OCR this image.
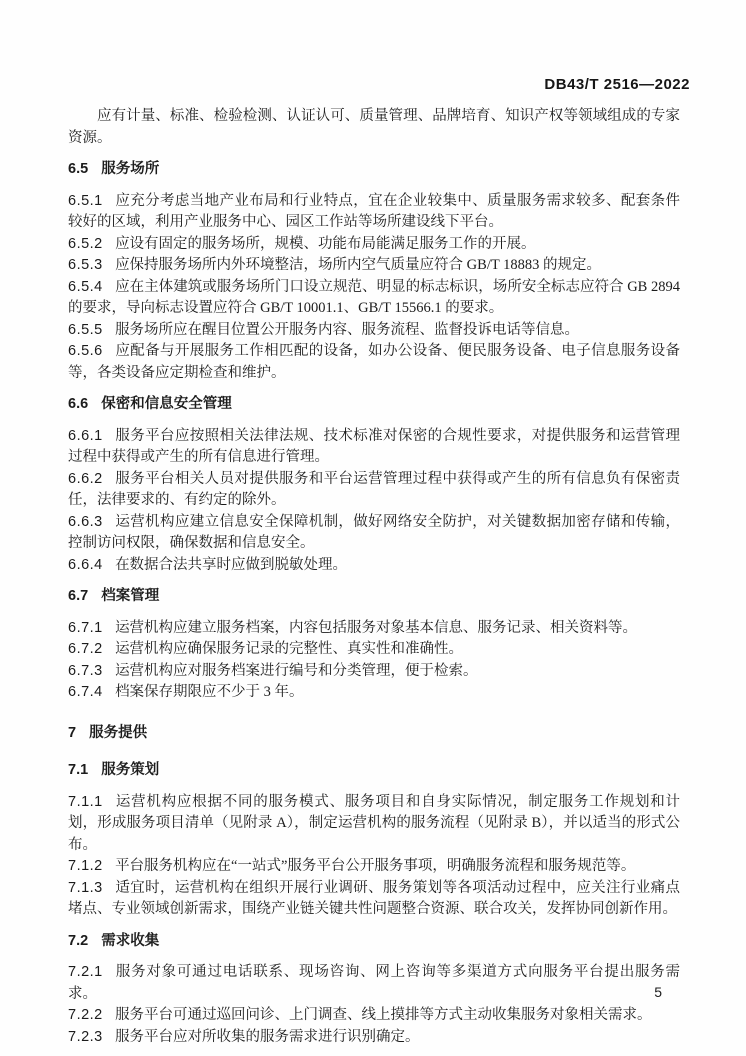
DB43/T 2516—2022

应有计量、标准、检验检测、认证认可、质量管理、品牌培育、知识产权等领域组成的专家资源。

6.5 服务场所

6.5.1 应充分考虑当地产业布局和行业特点，宜在企业较集中、质量服务需求较多、配套条件较好的区域，利用产业服务中心、园区工作站等场所建设线下平台。

6.5.2 应设有固定的服务场所，规模、功能布局能满足服务工作的开展。

6.5.3 应保持服务场所内外环境整洁，场所内空气质量应符合 GB/T 18883 的规定。

6.5.4 应在主体建筑或服务场所门口设立规范、明显的标志标识，场所安全标志应符合 GB 2894 的要求，导向标志设置应符合 GB/T 10001.1、GB/T 15566.1 的要求。

6.5.5 服务场所应在醒目位置公开服务内容、服务流程、监督投诉电话等信息。

6.5.6 应配备与开展服务工作相匹配的设备，如办公设备、便民服务设备、电子信息服务设备等，各类设备应定期检查和维护。

6.6 保密和信息安全管理

6.6.1 服务平台应按照相关法律法规、技术标准对保密的合规性要求，对提供服务和运营管理过程中获得或产生的所有信息进行管理。

6.6.2 服务平台相关人员对提供服务和平台运营管理过程中获得或产生的所有信息负有保密责任，法律要求的、有约定的除外。

6.6.3 运营机构应建立信息安全保障机制，做好网络安全防护，对关键数据加密存储和传输，控制访问权限，确保数据和信息安全。

6.6.4 在数据合法共享时应做到脱敏处理。

6.7 档案管理

6.7.1 运营机构应建立服务档案，内容包括服务对象基本信息、服务记录、相关资料等。

6.7.2 运营机构应确保服务记录的完整性、真实性和准确性。

6.7.3 运营机构应对服务档案进行编号和分类管理，便于检索。

6.7.4 档案保存期限应不少于 3 年。

7 服务提供

7.1 服务策划

7.1.1 运营机构应根据不同的服务模式、服务项目和自身实际情况，制定服务工作规划和计划，形成服务项目清单（见附录 A），制定运营机构的服务流程（见附录 B），并以适当的形式公布。

7.1.2 平台服务机构应在“一站式”服务平台公开服务事项，明确服务流程和服务规范等。

7.1.3 适宜时，运营机构在组织开展行业调研、服务策划等各项活动过程中，应关注行业痛点堵点、专业领域创新需求，围绕产业链关键共性问题整合资源、联合攻关，发挥协同创新作用。

7.2 需求收集

7.2.1 服务对象可通过电话联系、现场咨询、网上咨询等多渠道方式向服务平台提出服务需求。

7.2.2 服务平台可通过巡回问诊、上门调查、线上摸排等方式主动收集服务对象相关需求。

7.2.3 服务平台应对所收集的服务需求进行识别确定。

5
